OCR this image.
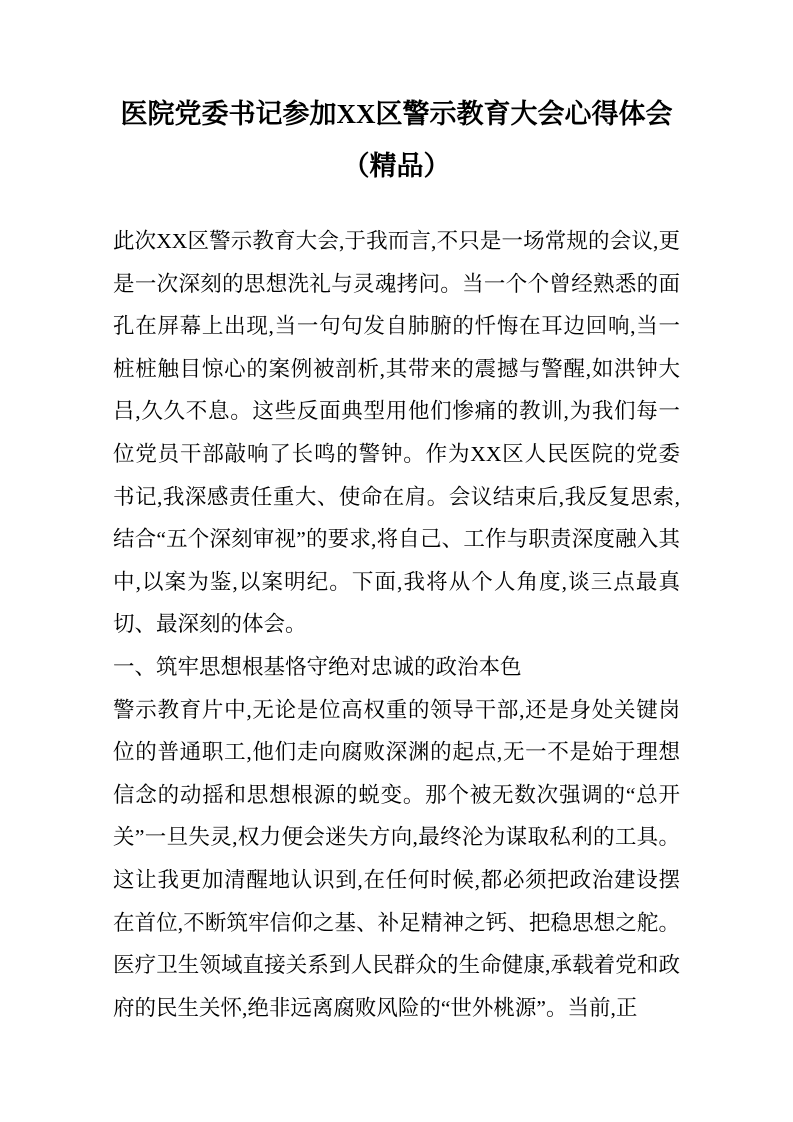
医院党委书记参加XX区警示教育大会心得体会
（精品）

此次XX区警示教育大会,于我而言,不只是一场常规的会议,更是一次深刻的思想洗礼与灵魂拷问。当一个个曾经熟悉的面孔在屏幕上出现,当一句句发自肺腑的忏悔在耳边回响,当一桩桩触目惊心的案例被剖析,其带来的震撼与警醒,如洪钟大吕,久久不息。这些反面典型用他们惨痛的教训,为我们每一位党员干部敲响了长鸣的警钟。作为XX区人民医院的党委书记,我深感责任重大、使命在肩。会议结束后,我反复思索,结合“五个深刻审视”的要求,将自己、工作与职责深度融入其中,以案为鉴,以案明纪。下面,我将从个人角度,谈三点最真切、最深刻的体会。

一、筑牢思想根基恪守绝对忠诚的政治本色

警示教育片中,无论是位高权重的领导干部,还是身处关键岗位的普通职工,他们走向腐败深渊的起点,无一不是始于理想信念的动摇和思想根源的蜕变。那个被无数次强调的“总开关”一旦失灵,权力便会迷失方向,最终沦为谋取私利的工具。这让我更加清醒地认识到,在任何时候,都必须把政治建设摆在首位,不断筑牢信仰之基、补足精神之钙、把稳思想之舵。医疗卫生领域直接关系到人民群众的生命健康,承载着党和政府的民生关怀,绝非远离腐败风险的“世外桃源”。当前,正
